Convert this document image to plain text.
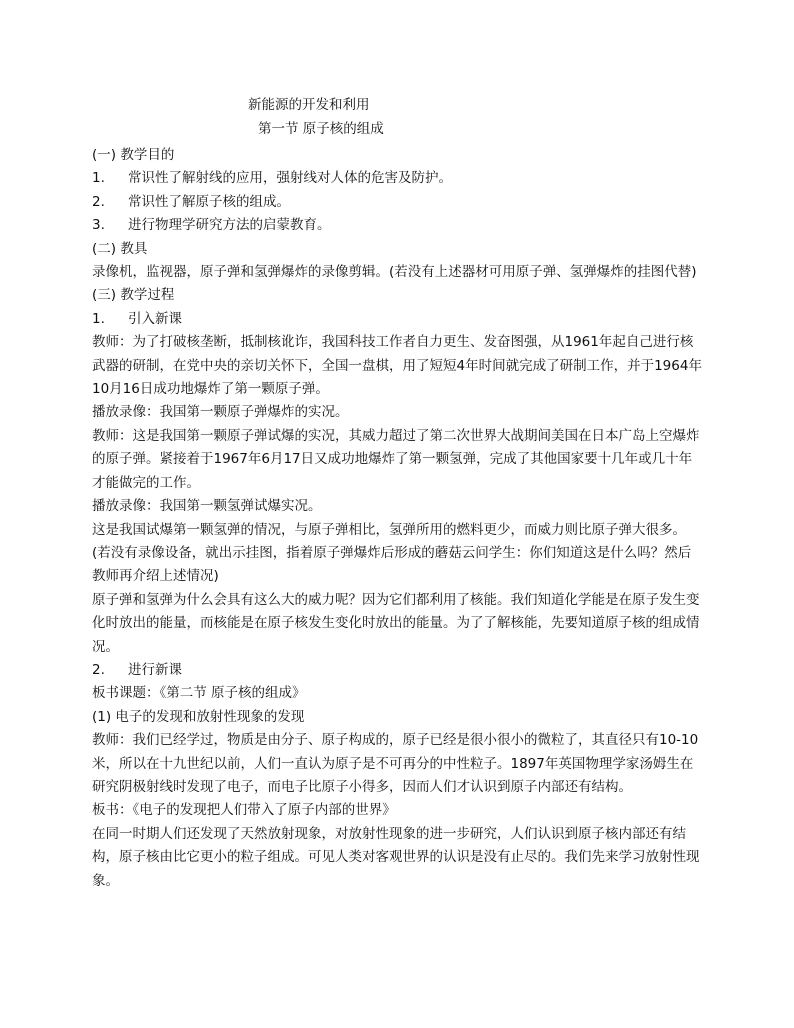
新能源的开发和利用
第一节 原子核的组成

(一) 教学目的

1. 常识性了解射线的应用，强射线对人体的危害及防护。

2. 常识性了解原子核的组成。

3. 进行物理学研究方法的启蒙教育。

(二) 教具

录像机，监视器，原子弹和氢弹爆炸的录像剪辑。(若没有上述器材可用原子弹、氢弹爆炸的挂图代替)

(三) 教学过程

1. 引入新课

教师：为了打破核垄断，抵制核讹诈，我国科技工作者自力更生、发奋图强，从1961年起自己进行核武器的研制，在党中央的亲切关怀下，全国一盘棋，用了短短4年时间就完成了研制工作，并于1964年10月16日成功地爆炸了第一颗原子弹。

播放录像：我国第一颗原子弹爆炸的实况。

教师：这是我国第一颗原子弹试爆的实况，其威力超过了第二次世界大战期间美国在日本广岛上空爆炸的原子弹。紧接着于1967年6月17日又成功地爆炸了第一颗氢弹，完成了其他国家要十几年或几十年才能做完的工作。

播放录像：我国第一颗氢弹试爆实况。

这是我国试爆第一颗氢弹的情况，与原子弹相比，氢弹所用的燃料更少，而威力则比原子弹大很多。

(若没有录像设备，就出示挂图，指着原子弹爆炸后形成的蘑菇云问学生：你们知道这是什么吗？然后教师再介绍上述情况)

原子弹和氢弹为什么会具有这么大的威力呢？因为它们都利用了核能。我们知道化学能是在原子发生变化时放出的能量，而核能是在原子核发生变化时放出的能量。为了了解核能，先要知道原子核的组成情况。

2. 进行新课

板书课题：《第二节 原子核的组成》

(1) 电子的发现和放射性现象的发现

教师：我们已经学过，物质是由分子、原子构成的，原子已经是很小很小的微粒了，其直径只有10-10米，所以在十九世纪以前，人们一直认为原子是不可再分的中性粒子。1897年英国物理学家汤姆生在研究阴极射线时发现了电子，而电子比原子小得多，因而人们才认识到原子内部还有结构。

板书：《电子的发现把人们带入了原子内部的世界》

在同一时期人们还发现了天然放射现象，对放射性现象的进一步研究，人们认识到原子核内部还有结构，原子核由比它更小的粒子组成。可见人类对客观世界的认识是没有止尽的。我们先来学习放射性现象。
